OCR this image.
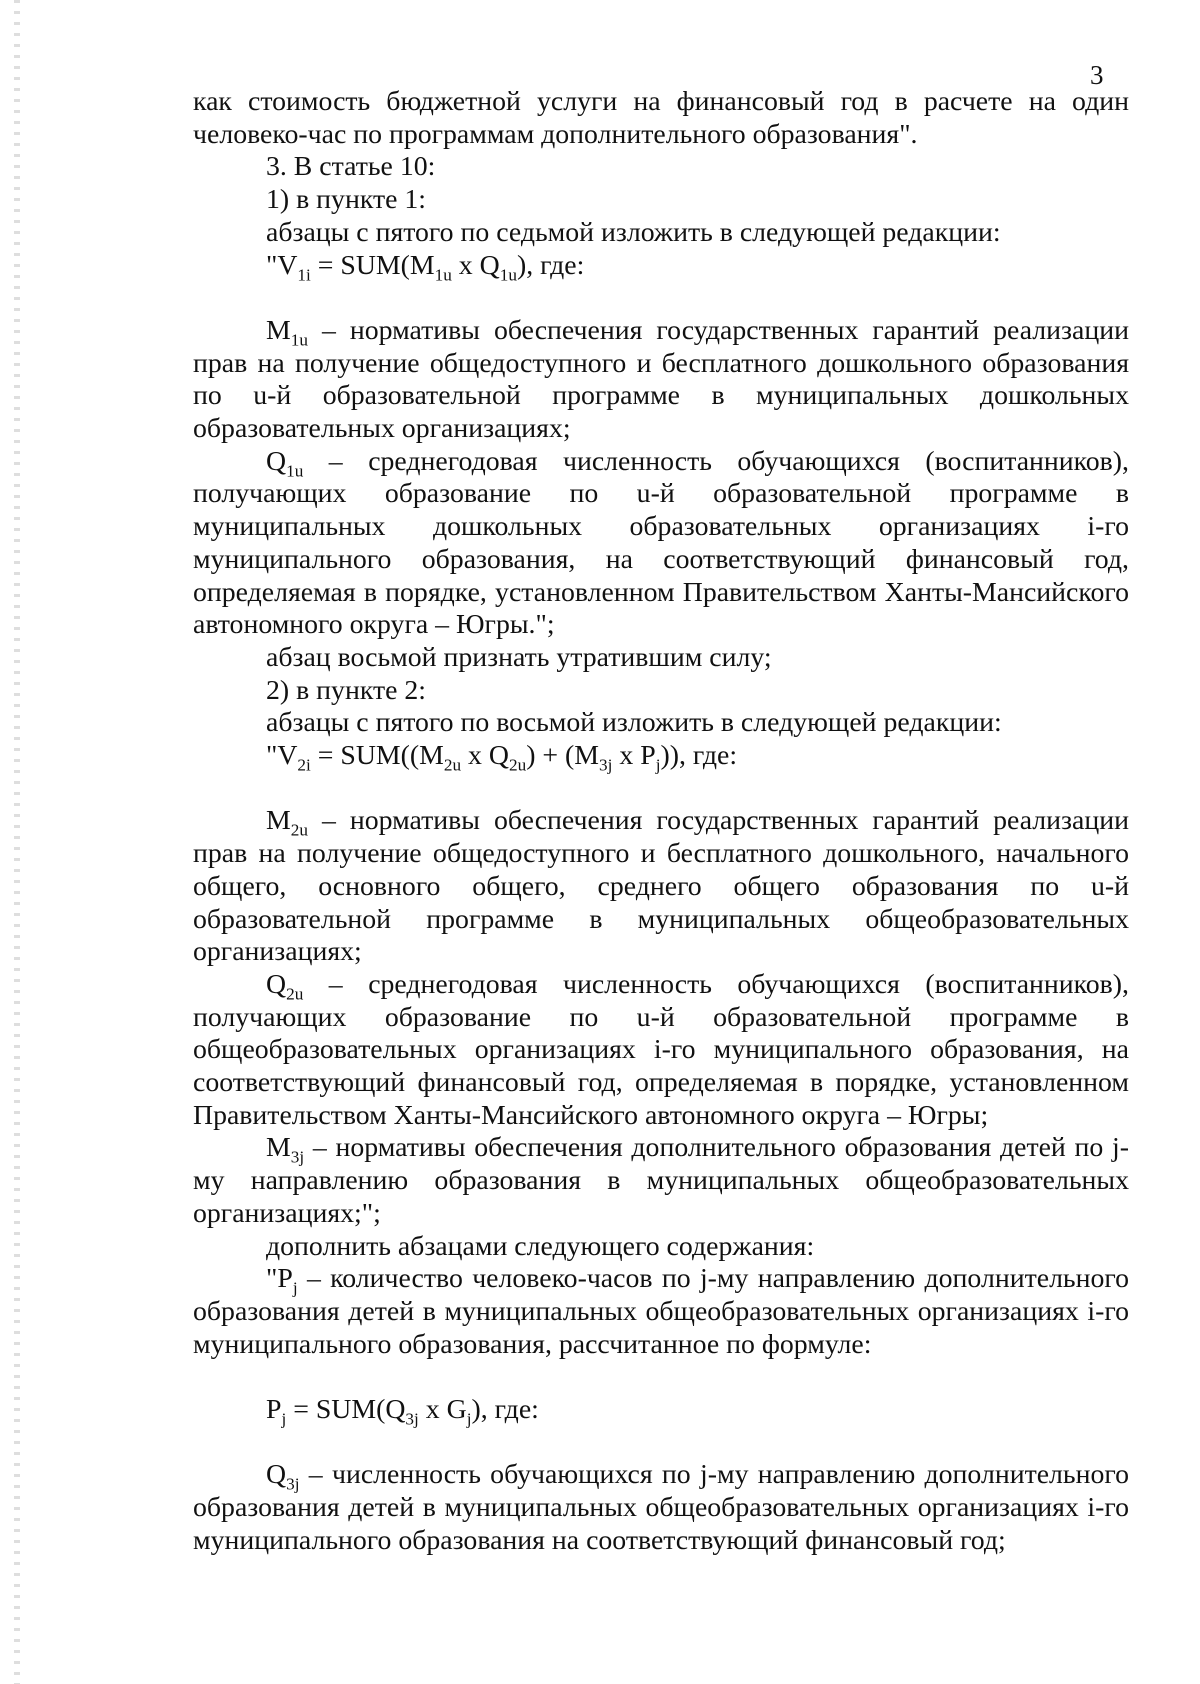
3

как стоимость бюджетной услуги на финансовый год в расчете на один человеко-час по программам дополнительного образования".

3. В статье 10:

1) в пункте 1:

абзацы с пятого по седьмой изложить в следующей редакции:

"$V_{1i} = SUM(M_{1u}$ x $Q_{1u}$), где:

$M_{1u}$ – нормативы обеспечения государственных гарантий реализации прав на получение общедоступного и бесплатного дошкольного образования по u-й образовательной программе в муниципальных дошкольных образовательных организациях;

$Q_{1u}$ – среднегодовая численность обучающихся (воспитанников), получающих образование по u-й образовательной программе в муниципальных дошкольных образовательных организациях i-го муниципального образования, на соответствующий финансовый год, определяемая в порядке, установленном Правительством Ханты-Мансийского автономного округа – Югры.";

абзац восьмой признать утратившим силу;

2) в пункте 2:

абзацы с пятого по восьмой изложить в следующей редакции:

"$V_{2i} = SUM((M_{2u}$ x $Q_{2u}) + (M_{3j}$ x $P_j$)), где:

$M_{2u}$ – нормативы обеспечения государственных гарантий реализации прав на получение общедоступного и бесплатного дошкольного, начального общего, основного общего, среднего общего образования по u-й образовательной программе в муниципальных общеобразовательных организациях;

$Q_{2u}$ – среднегодовая численность обучающихся (воспитанников), получающих образование по u-й образовательной программе в общеобразовательных организациях i-го муниципального образования, на соответствующий финансовый год, определяемая в порядке, установленном Правительством Ханты-Мансийского автономного округа – Югры;

$M_{3j}$ – нормативы обеспечения дополнительного образования детей по j-му направлению образования в муниципальных общеобразовательных организациях;";

дополнить абзацами следующего содержания:

"$P_j$ – количество человеко-часов по j-му направлению дополнительного образования детей в муниципальных общеобразовательных организациях i-го муниципального образования, рассчитанное по формуле:

$P_j = SUM(Q_{3j}$ x $G_j$), где:

$Q_{3j}$ – численность обучающихся по j-му направлению дополнительного образования детей в муниципальных общеобразовательных организациях i-го муниципального образования на соответствующий финансовый год;
